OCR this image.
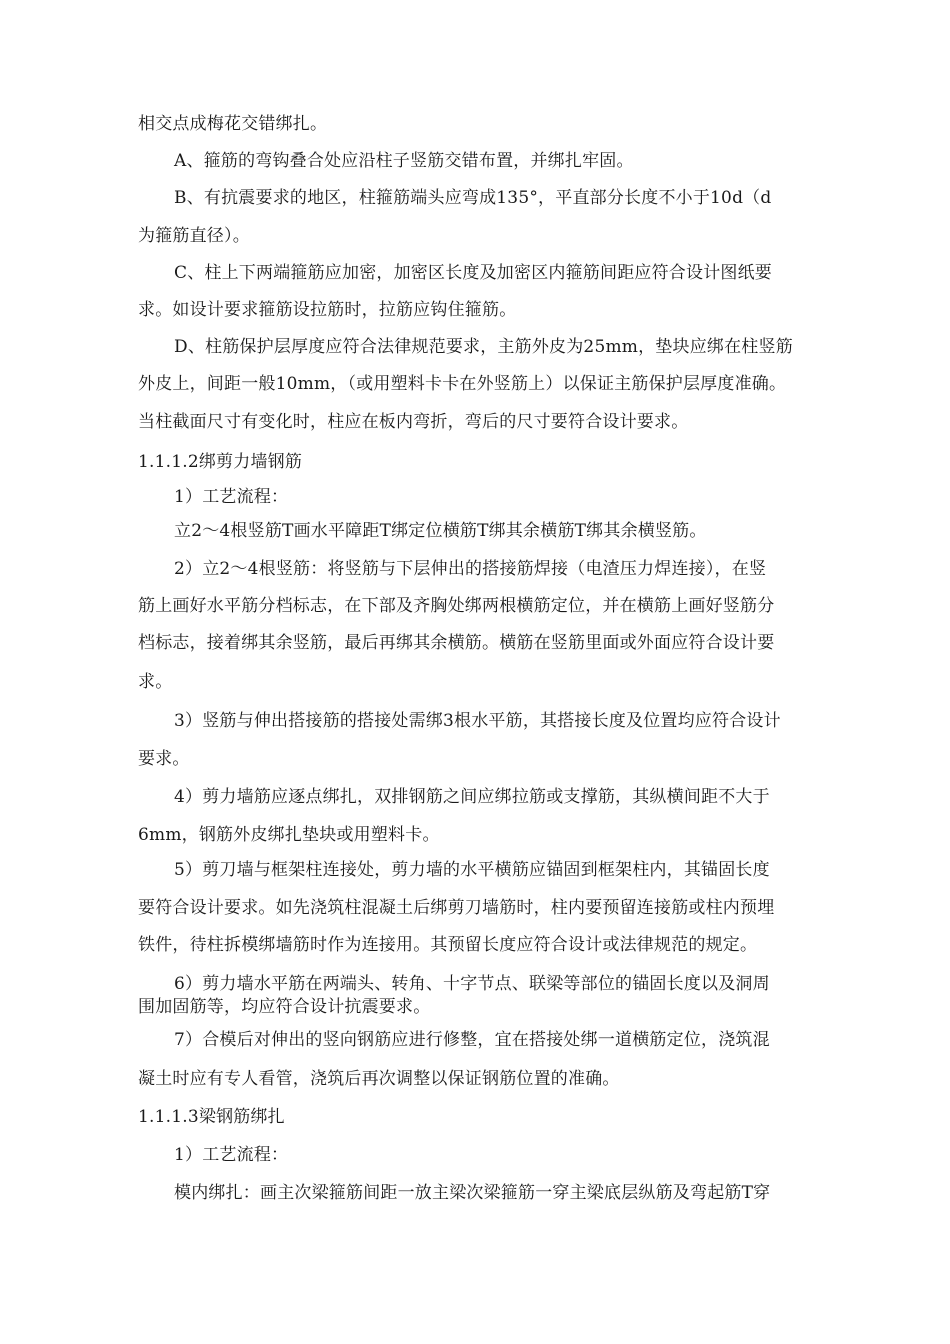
相交点成梅花交错绑扎。
A、箍筋的弯钩叠合处应沿柱子竖筋交错布置，并绑扎牢固。
B、有抗震要求的地区，柱箍筋端头应弯成135°，平直部分长度不小于10d（d
为箍筋直径）。
C、柱上下两端箍筋应加密，加密区长度及加密区内箍筋间距应符合设计图纸要
求。如设计要求箍筋设拉筋时，拉筋应钩住箍筋。
D、柱筋保护层厚度应符合法律规范要求，主筋外皮为25mm，垫块应绑在柱竖筋
外皮上，间距一般10mm，（或用塑料卡卡在外竖筋上）以保证主筋保护层厚度准确。
当柱截面尺寸有变化时，柱应在板内弯折，弯后的尺寸要符合设计要求。
1.1.1.2绑剪力墙钢筋
1）工艺流程：
立2〜4根竖筋T画水平障距T绑定位横筋T绑其余横筋T绑其余横竖筋。
2）立2〜4根竖筋：将竖筋与下层伸出的搭接筋焊接（电渣压力焊连接），在竖
筋上画好水平筋分档标志，在下部及齐胸处绑两根横筋定位，并在横筋上画好竖筋分
档标志，接着绑其余竖筋，最后再绑其余横筋。横筋在竖筋里面或外面应符合设计要
求。
3）竖筋与伸出搭接筋的搭接处需绑3根水平筋，其搭接长度及位置均应符合设计
要求。
4）剪力墙筋应逐点绑扎，双排钢筋之间应绑拉筋或支撑筋，其纵横间距不大于
6mm，钢筋外皮绑扎垫块或用塑料卡。
5）剪刀墙与框架柱连接处，剪力墙的水平横筋应锚固到框架柱内，其锚固长度
要符合设计要求。如先浇筑柱混凝土后绑剪刀墙筋时，柱内要预留连接筋或柱内预埋
铁件，待柱拆模绑墙筋时作为连接用。其预留长度应符合设计或法律规范的规定。
6）剪力墙水平筋在两端头、转角、十字节点、联梁等部位的锚固长度以及洞周
围加固筋等，均应符合设计抗震要求。
7）合模后对伸出的竖向钢筋应进行修整，宜在搭接处绑一道横筋定位，浇筑混
凝土时应有专人看管，浇筑后再次调整以保证钢筋位置的准确。
1.1.1.3梁钢筋绑扎
1）工艺流程：
模内绑扎：画主次梁箍筋间距一放主梁次梁箍筋一穿主梁底层纵筋及弯起筋T穿
